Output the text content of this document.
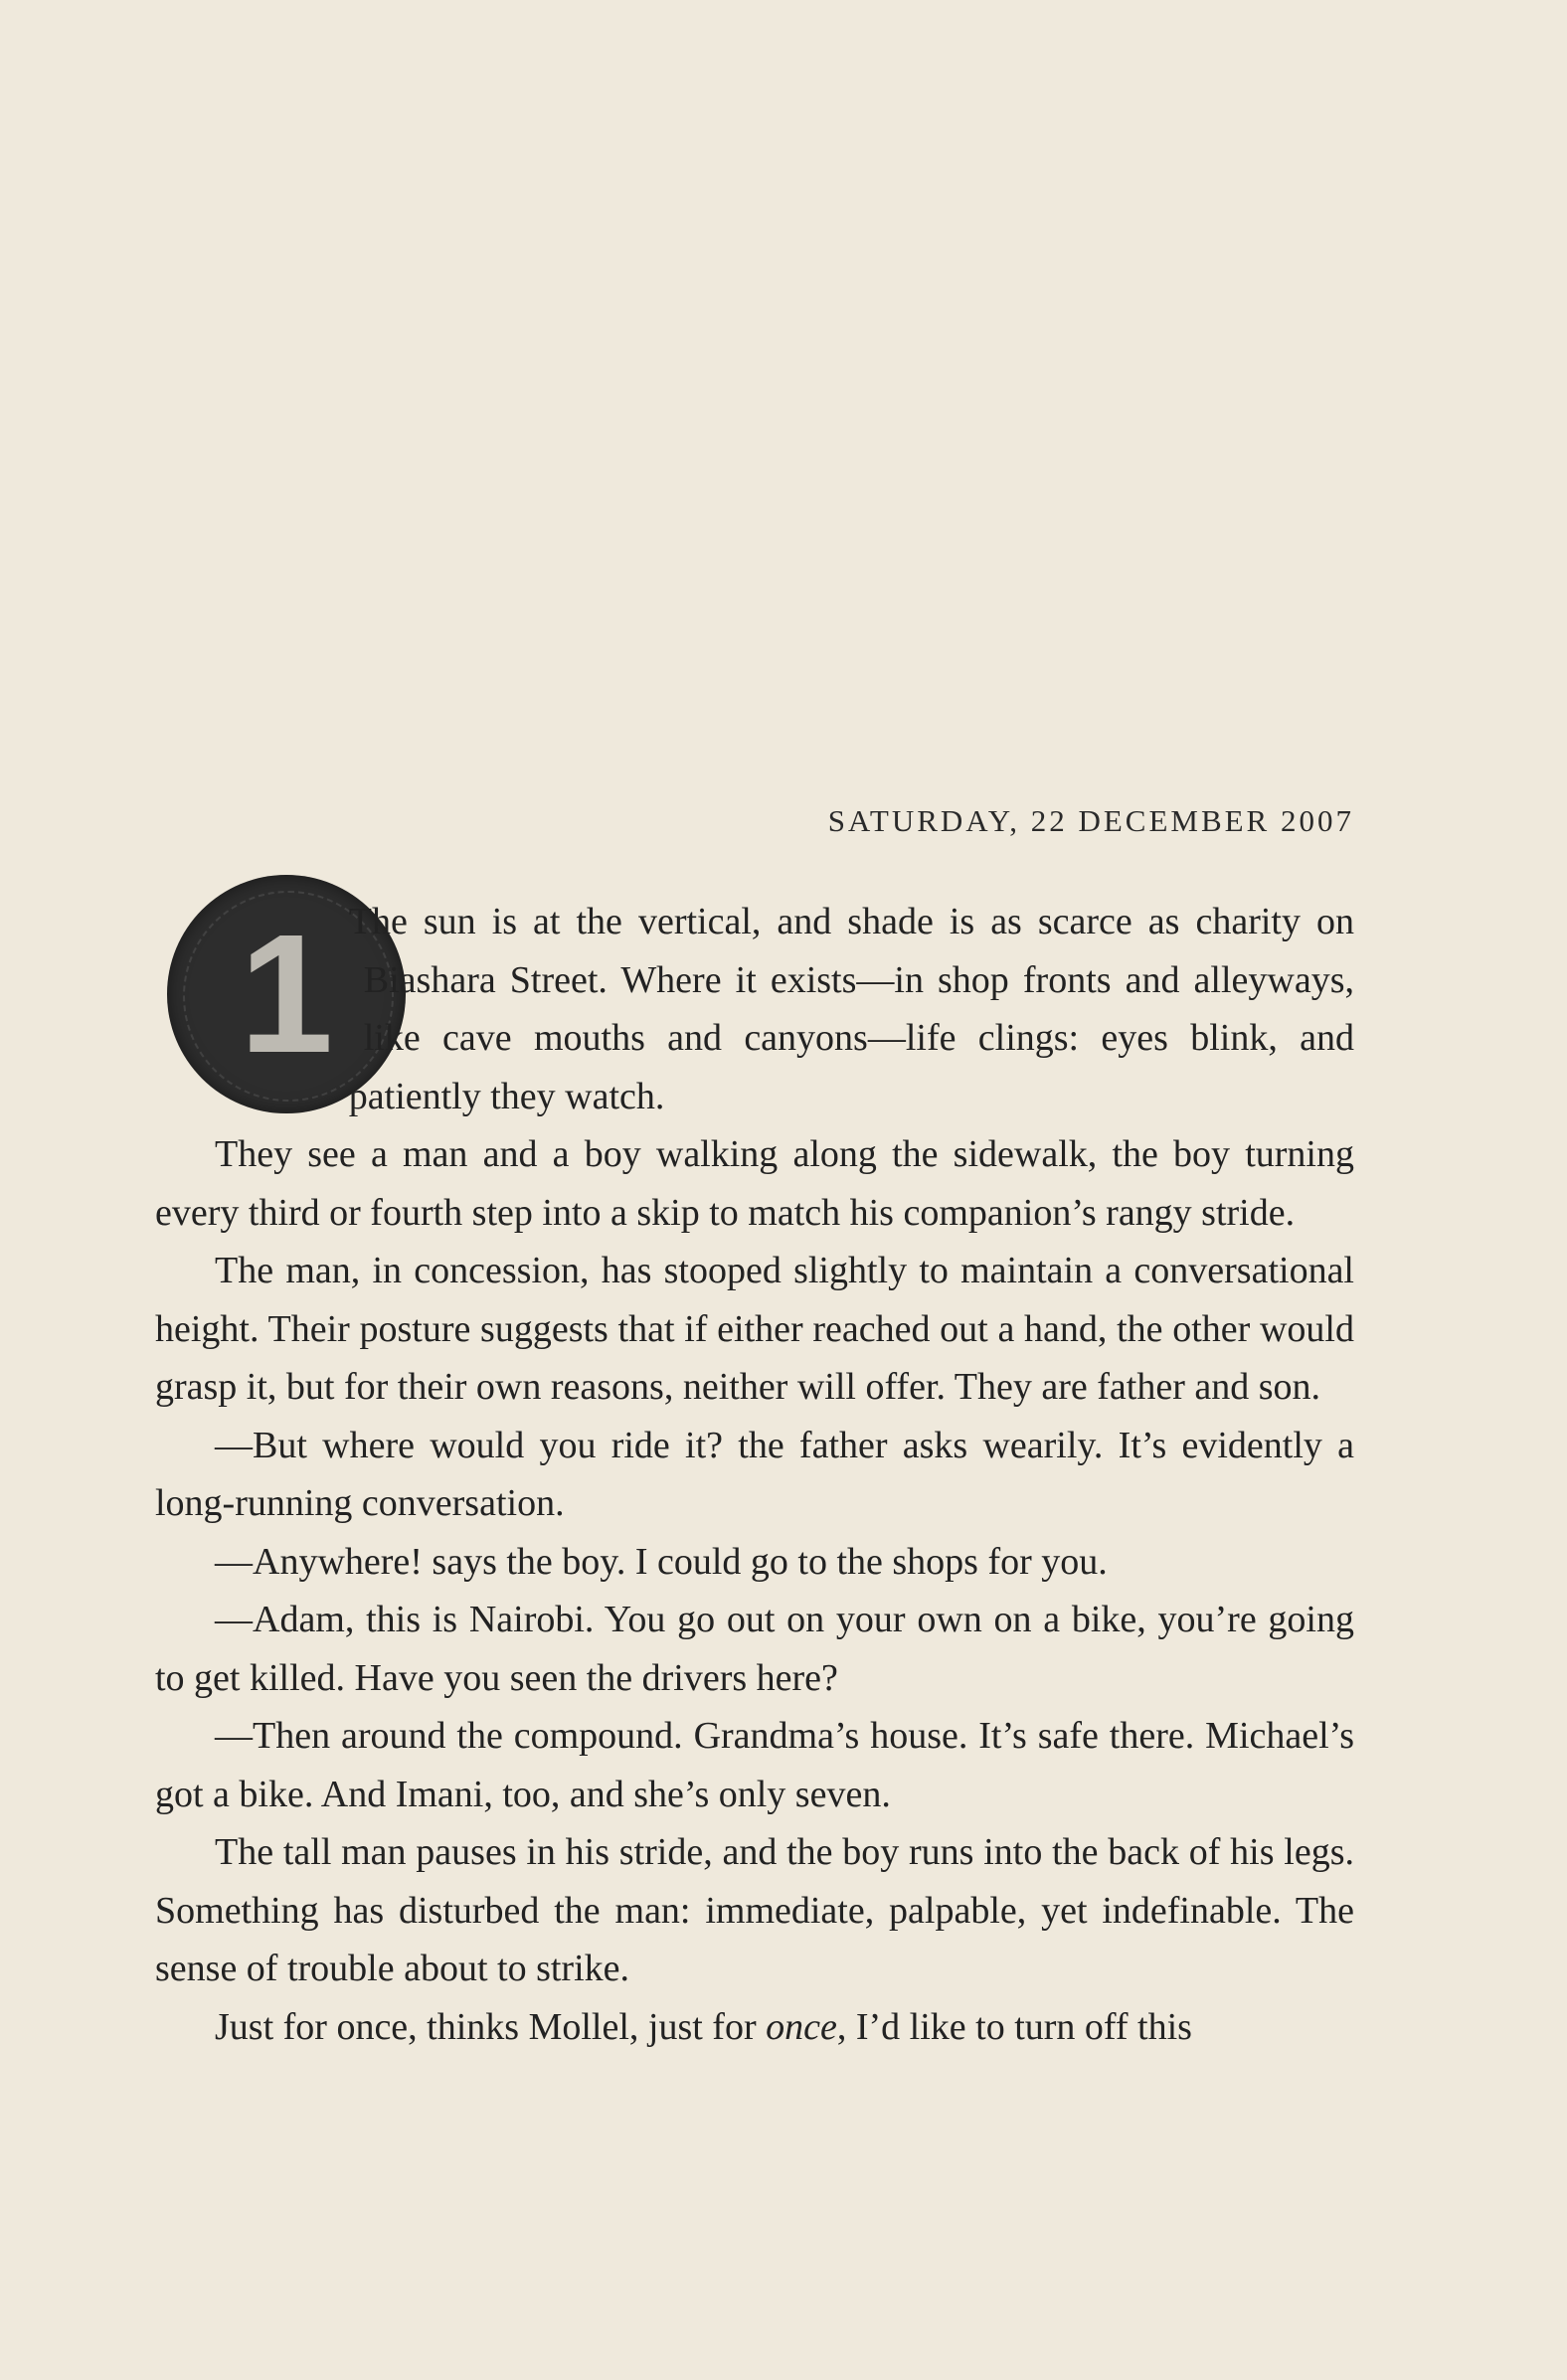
SATURDAY, 22 DECEMBER 2007
1 The sun is at the vertical, and shade is as scarce as charity on Biashara Street. Where it exists—in shop fronts and alleyways, like cave mouths and canyons—life clings: eyes blink, and patiently they watch.

They see a man and a boy walking along the sidewalk, the boy turning every third or fourth step into a skip to match his companion’s rangy stride.

The man, in concession, has stooped slightly to maintain a conversational height. Their posture suggests that if either reached out a hand, the other would grasp it, but for their own reasons, neither will offer. They are father and son.

—But where would you ride it? the father asks wearily. It’s evidently a long-running conversation.

—Anywhere! says the boy. I could go to the shops for you.

—Adam, this is Nairobi. You go out on your own on a bike, you’re going to get killed. Have you seen the drivers here?

—Then around the compound. Grandma’s house. It’s safe there. Michael’s got a bike. And Imani, too, and she’s only seven.

The tall man pauses in his stride, and the boy runs into the back of his legs. Something has disturbed the man: immediate, palpable, yet indefinable. The sense of trouble about to strike.

Just for once, thinks Mollel, just for once, I’d like to turn off this
